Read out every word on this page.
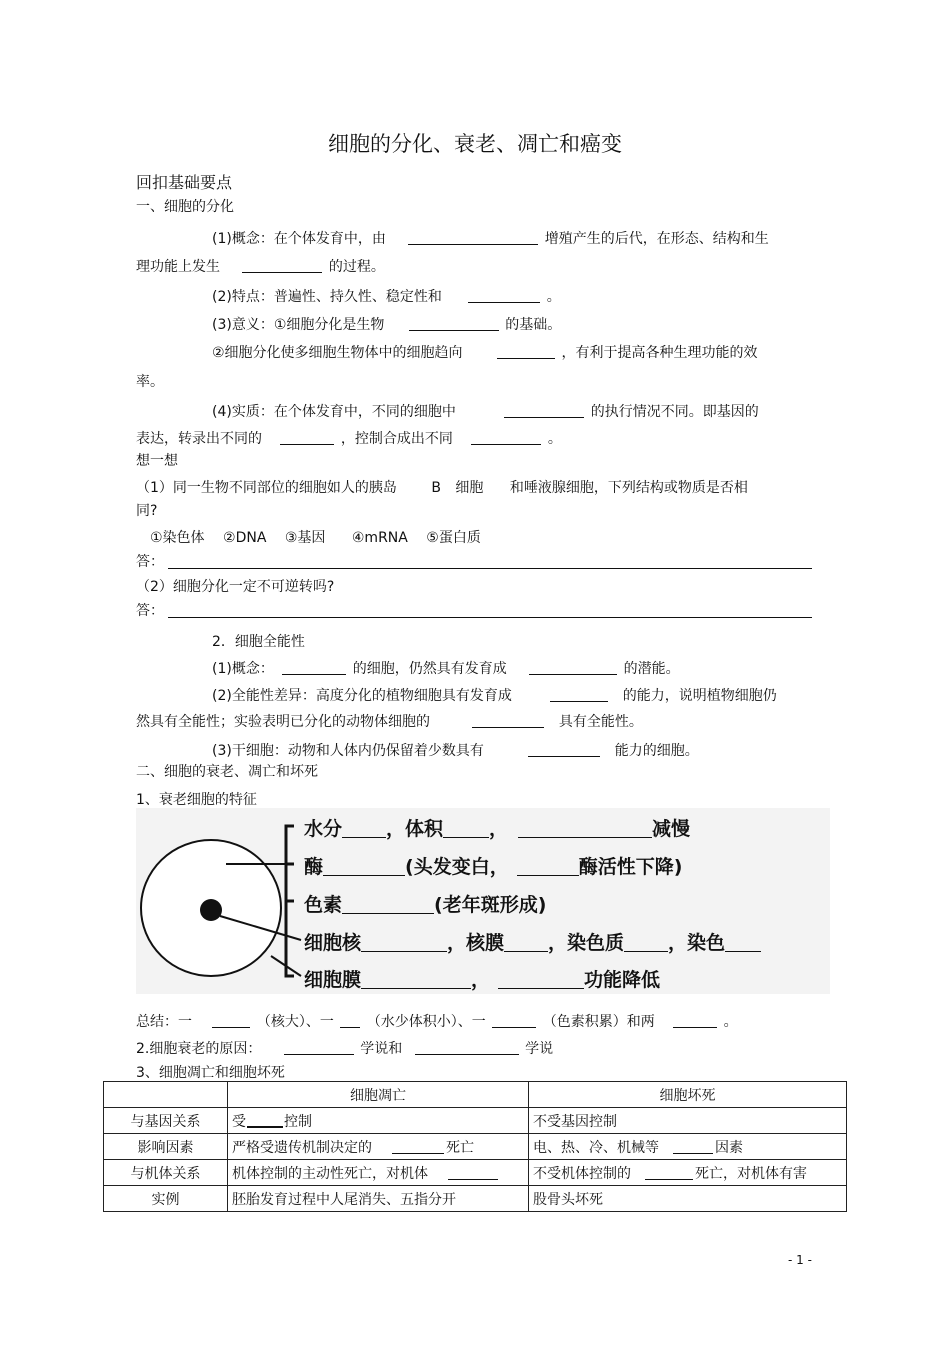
细胞的分化、衰老、凋亡和癌变
回扣基础要点
一、细胞的分化
(1)概念：在个体发育中，由	增殖产生的后代，在形态、结构和生
理功能上发生	的过程。
(2)特点：普遍性、持久性、稳定性和	。
(3)意义：①细胞分化是生物	的基础。
②细胞分化使多细胞生物体中的细胞趋向	，有利于提高各种生理功能的效
率。
(4)实质：在个体发育中，不同的细胞中	的执行情况不同。即基因的
表达，转录出不同的	，控制合成出不同	。
想一想
（1）同一生物不同部位的细胞如人的胰岛 B 细胞 和唾液腺细胞，下列结构或物质是否相
同?
①染色体 ②DNA ③基因 ④mRNA ⑤蛋白质
答：
（2）细胞分化一定不可逆转吗?
答：
2．细胞全能性
(1)概念：	的细胞，仍然具有发育成	的潜能。
(2)全能性差异：高度分化的植物细胞具有发育成	的能力，说明植物细胞仍
然具有全能性；实验表明已分化的动物体细胞的	具有全能性。
(3)干细胞：动物和人体内仍保留着少数具有	能力的细胞。
二、细胞的衰老、凋亡和坏死
1、衰老细胞的特征
水分 ，体积 ，	减慢
酶	(头发变白，	酶活性下降)
色素	(老年斑形成)
细胞核	，核膜 ，染色质 ，染色
细胞膜	，	功能降低
总结：一	（核大）、一 （水少体积小）、一	（色素积累）和两	。
2.细胞衰老的原因：	学说和	学说
3、细胞凋亡和细胞坏死
	细胞凋亡	细胞坏死
与基因关系	受 控制	不受基因控制
影响因素	严格受遗传机制决定的 死亡	电、热、冷、机械等 因素
与机体关系	机体控制的主动性死亡，对机体	不受机体控制的 死亡，对机体有害
实例	胚胎发育过程中人尾消失、五指分开	股骨头坏死
- 1 -
